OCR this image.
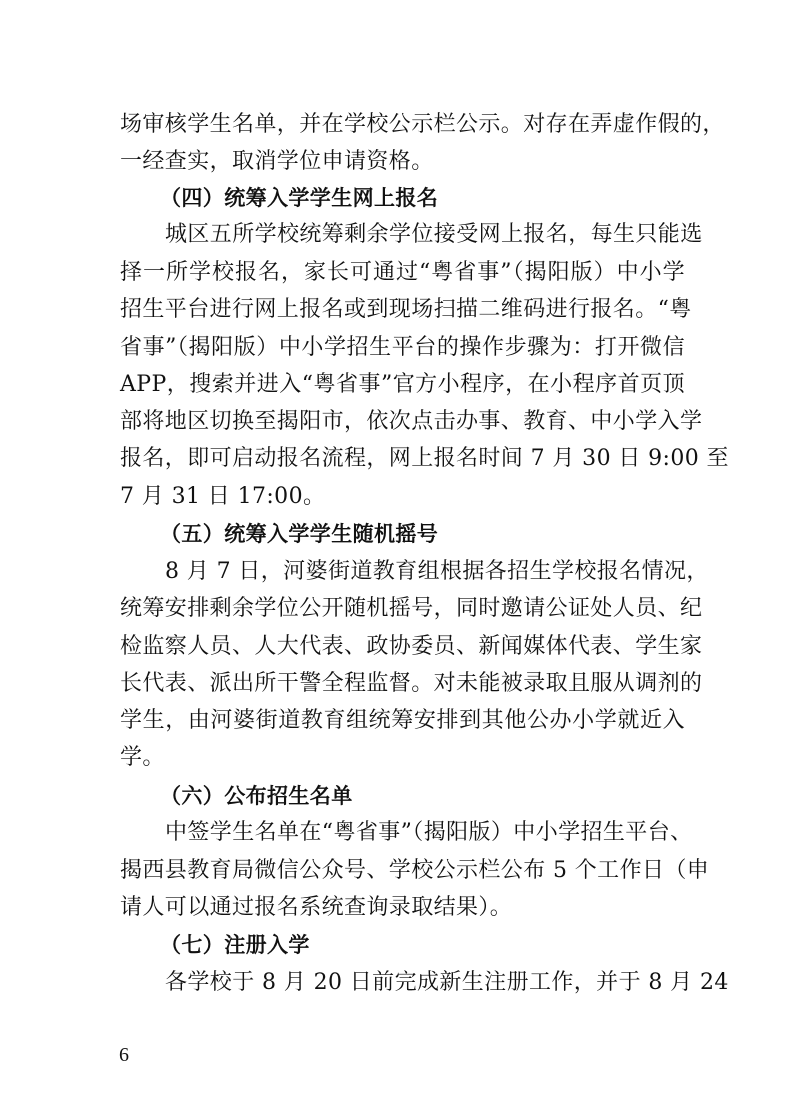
场审核学生名单，并在学校公示栏公示。对存在弄虚作假的，
一经查实，取消学位申请资格。
（四）统筹入学学生网上报名
城区五所学校统筹剩余学位接受网上报名，每生只能选
择一所学校报名，家长可通过“粤省事”（揭阳版）中小学
招生平台进行网上报名或到现场扫描二维码进行报名。“粤
省事”（揭阳版）中小学招生平台的操作步骤为：打开微信
APP，搜索并进入“粤省事”官方小程序，在小程序首页顶
部将地区切换至揭阳市，依次点击办事、教育、中小学入学
报名，即可启动报名流程，网上报名时间 7 月 30 日 9:00 至
7 月 31 日 17:00。
（五）统筹入学学生随机摇号
8 月 7 日，河婆街道教育组根据各招生学校报名情况，
统筹安排剩余学位公开随机摇号，同时邀请公证处人员、纪
检监察人员、人大代表、政协委员、新闻媒体代表、学生家
长代表、派出所干警全程监督。对未能被录取且服从调剂的
学生，由河婆街道教育组统筹安排到其他公办小学就近入
学。
（六）公布招生名单
中签学生名单在“粤省事”（揭阳版）中小学招生平台、
揭西县教育局微信公众号、学校公示栏公布 5 个工作日（申
请人可以通过报名系统查询录取结果）。
（七）注册入学
各学校于 8 月 20 日前完成新生注册工作，并于 8 月 24
6
